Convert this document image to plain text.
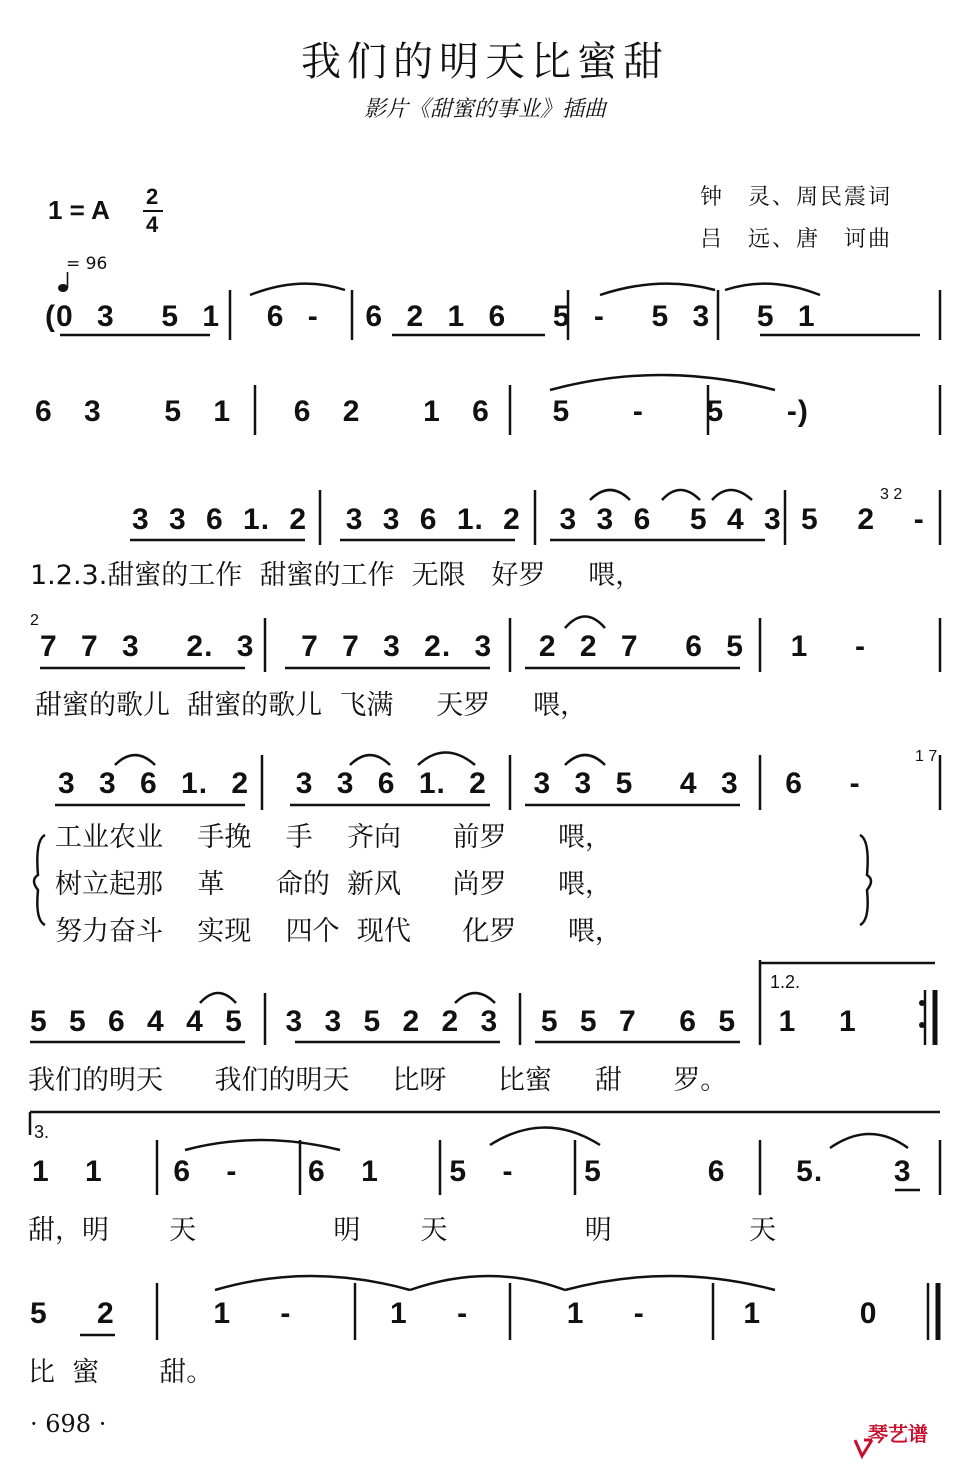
我们的明天比蜜甜
影片《甜蜜的事业》插曲
钟　灵、周民震词
吕　远、唐　诃曲
1 = A 2
4

= 96
(0 3  5 1  6 -  6 2 1 6  5 -  5 3  5 1
6 3  5 1  6 2  1 6  5  -  5  -)
3 3 6 1. 2  3 3 6 1. 2  3 3 6  5 4 3 5  2  -
3 2
1.2.3.甜蜜的工作  甜蜜的工作  无限   好罗     喂，
7 7 3  2. 3  7 7 3 2. 3  2 2 7  6 5  1  -
2
甜蜜的歌儿  甜蜜的歌儿  飞满     天罗     喂，
3 3 6 1. 2  3 3 6 1. 2  3 3 5  4 3  6  -
1 7
工业农业    手挽    手    齐向      前罗      喂，
树立起那    革      命的  新风      尚罗      喂，
努力奋斗    实现    四个  现代      化罗      喂，
5 5 6 4 4 5  3 3 5 2 2 3  5 5 7  6 5  1  1
1.2.
我们的明天      我们的明天     比呀      比蜜     甜      罗。
1 1  6 -  6 1  5 -  5   6  5.  3
3.
甜，明       天                明       天                明                天
5 2  1 -  1 -  1 -  1  0
比  蜜       甜。
· 698 ·

	琴艺谱
